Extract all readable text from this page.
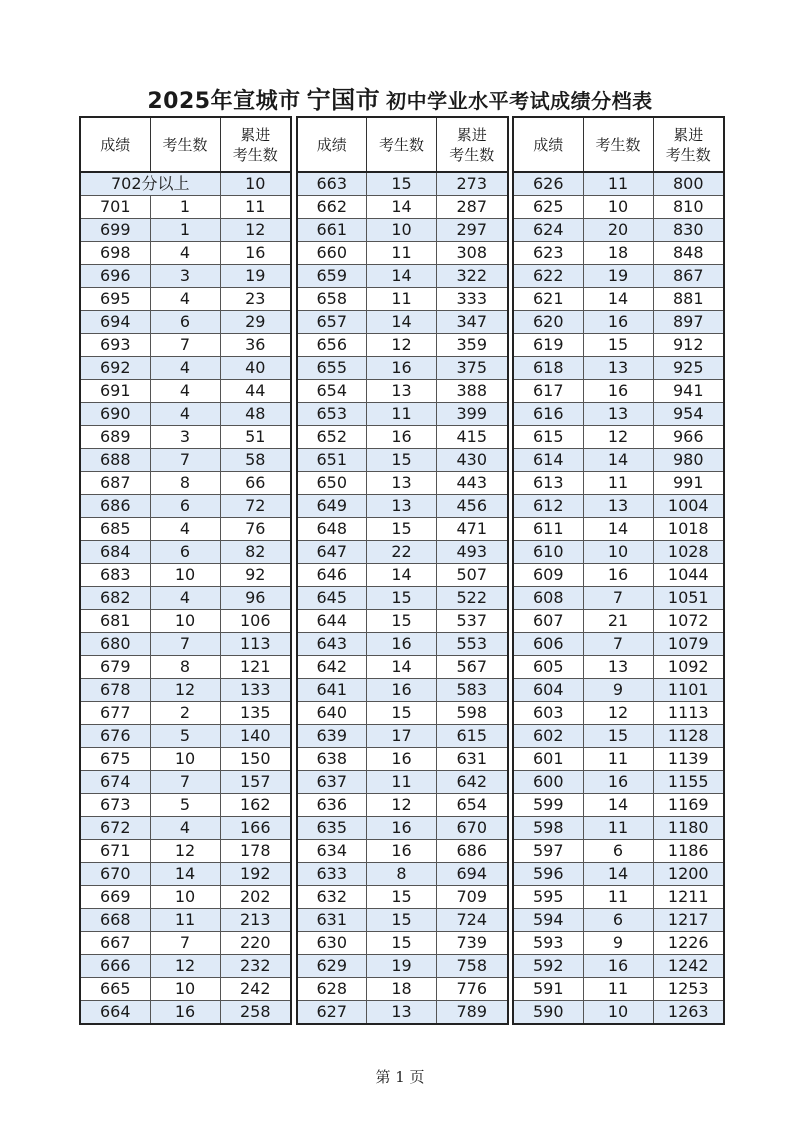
2025年宣城市 宁国市 初中学业水平考试成绩分档表
成绩	考生数	累进
考生数
702分以上		10
701	1	11
699	1	12
698	4	16
696	3	19
695	4	23
694	6	29
693	7	36
692	4	40
691	4	44
690	4	48
689	3	51
688	7	58
687	8	66
686	6	72
685	4	76
684	6	82
683	10	92
682	4	96
681	10	106
680	7	113
679	8	121
678	12	133
677	2	135
676	5	140
675	10	150
674	7	157
673	5	162
672	4	166
671	12	178
670	14	192
669	10	202
668	11	213
667	7	220
666	12	232
665	10	242
664	16	258
成绩	考生数	累进
考生数
663	15	273
662	14	287
661	10	297
660	11	308
659	14	322
658	11	333
657	14	347
656	12	359
655	16	375
654	13	388
653	11	399
652	16	415
651	15	430
650	13	443
649	13	456
648	15	471
647	22	493
646	14	507
645	15	522
644	15	537
643	16	553
642	14	567
641	16	583
640	15	598
639	17	615
638	16	631
637	11	642
636	12	654
635	16	670
634	16	686
633	8	694
632	15	709
631	15	724
630	15	739
629	19	758
628	18	776
627	13	789
成绩	考生数	累进
考生数
626	11	800
625	10	810
624	20	830
623	18	848
622	19	867
621	14	881
620	16	897
619	15	912
618	13	925
617	16	941
616	13	954
615	12	966
614	14	980
613	11	991
612	13	1004
611	14	1018
610	10	1028
609	16	1044
608	7	1051
607	21	1072
606	7	1079
605	13	1092
604	9	1101
603	12	1113
602	15	1128
601	11	1139
600	16	1155
599	14	1169
598	11	1180
597	6	1186
596	14	1200
595	11	1211
594	6	1217
593	9	1226
592	16	1242
591	11	1253
590	10	1263
第 1 页
